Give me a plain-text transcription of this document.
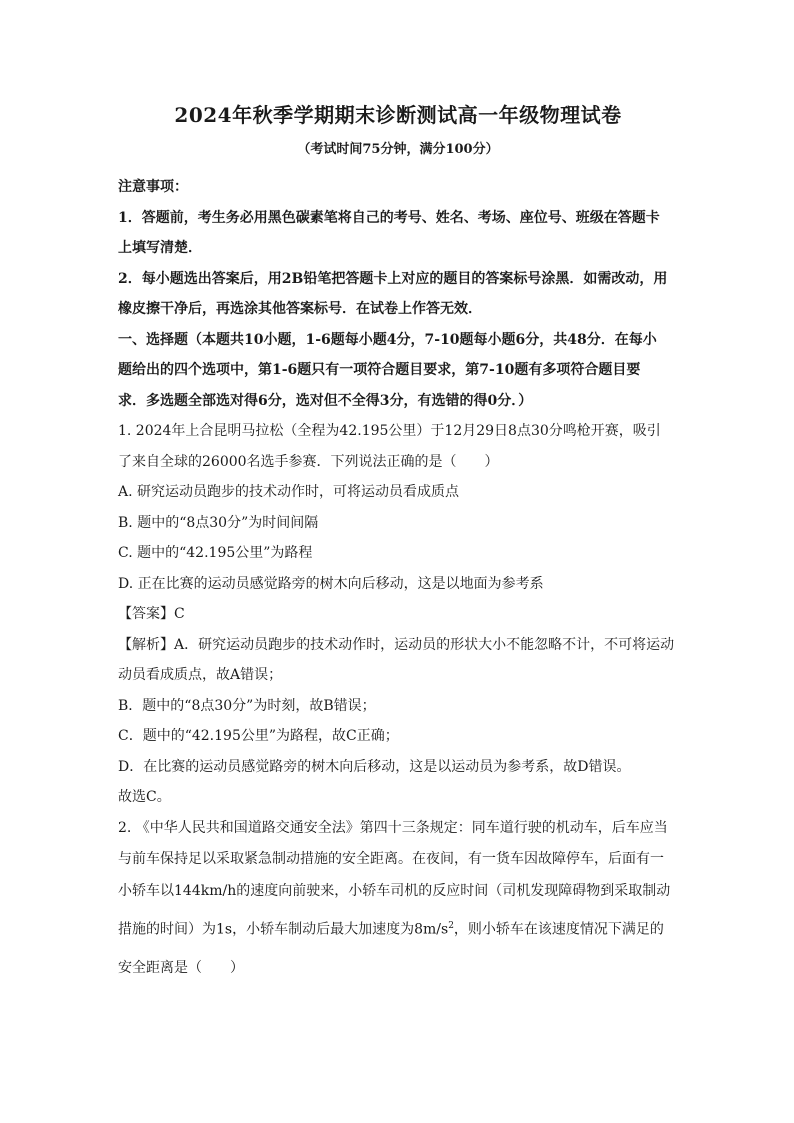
2024年秋季学期期末诊断测试高一年级物理试卷
（考试时间75分钟，满分100分）

注意事项：

1．答题前，考生务必用黑色碳素笔将自己的考号、姓名、考场、座位号、班级在答题卡

上填写清楚．

2．每小题选出答案后，用2B铅笔把答题卡上对应的题目的答案标号涂黑．如需改动，用

橡皮擦干净后，再选涂其他答案标号．在试卷上作答无效．

一、选择题（本题共10小题，1-6题每小题4分，7-10题每小题6分，共48分．在每小

题给出的四个选项中，第1-6题只有一项符合题目要求，第7-10题有多项符合题目要

求．多选题全部选对得6分，选对但不全得3分，有选错的得0分．）

1. 2024年上合昆明马拉松（全程为42.195公里）于12月29日8点30分鸣枪开赛，吸引

了来自全球的26000名选手参赛．下列说法正确的是（　　）

A. 研究运动员跑步的技术动作时，可将运动员看成质点

B. 题中的“8点30分”为时间间隔

C. 题中的“42.195公里”为路程

D. 正在比赛的运动员感觉路旁的树木向后移动，这是以地面为参考系

【答案】C

【解析】A．研究运动员跑步的技术动作时，运动员的形状大小不能忽略不计，不可将运动

动员看成质点，故A错误；

B．题中的“8点30分”为时刻，故B错误；

C．题中的“42.195公里”为路程，故C正确；

D．在比赛的运动员感觉路旁的树木向后移动，这是以运动员为参考系，故D错误。

故选C。

2. 《中华人民共和国道路交通安全法》第四十三条规定：同车道行驶的机动车，后车应当

与前车保持足以采取紧急制动措施的安全距离。在夜间，有一货车因故障停车，后面有一

小轿车以144km/h的速度向前驶来，小轿车司机的反应时间（司机发现障碍物到采取制动

措施的时间）为1s，小轿车制动后最大加速度为$8m/s^2$，则小轿车在该速度情况下满足的

安全距离是（　　）
